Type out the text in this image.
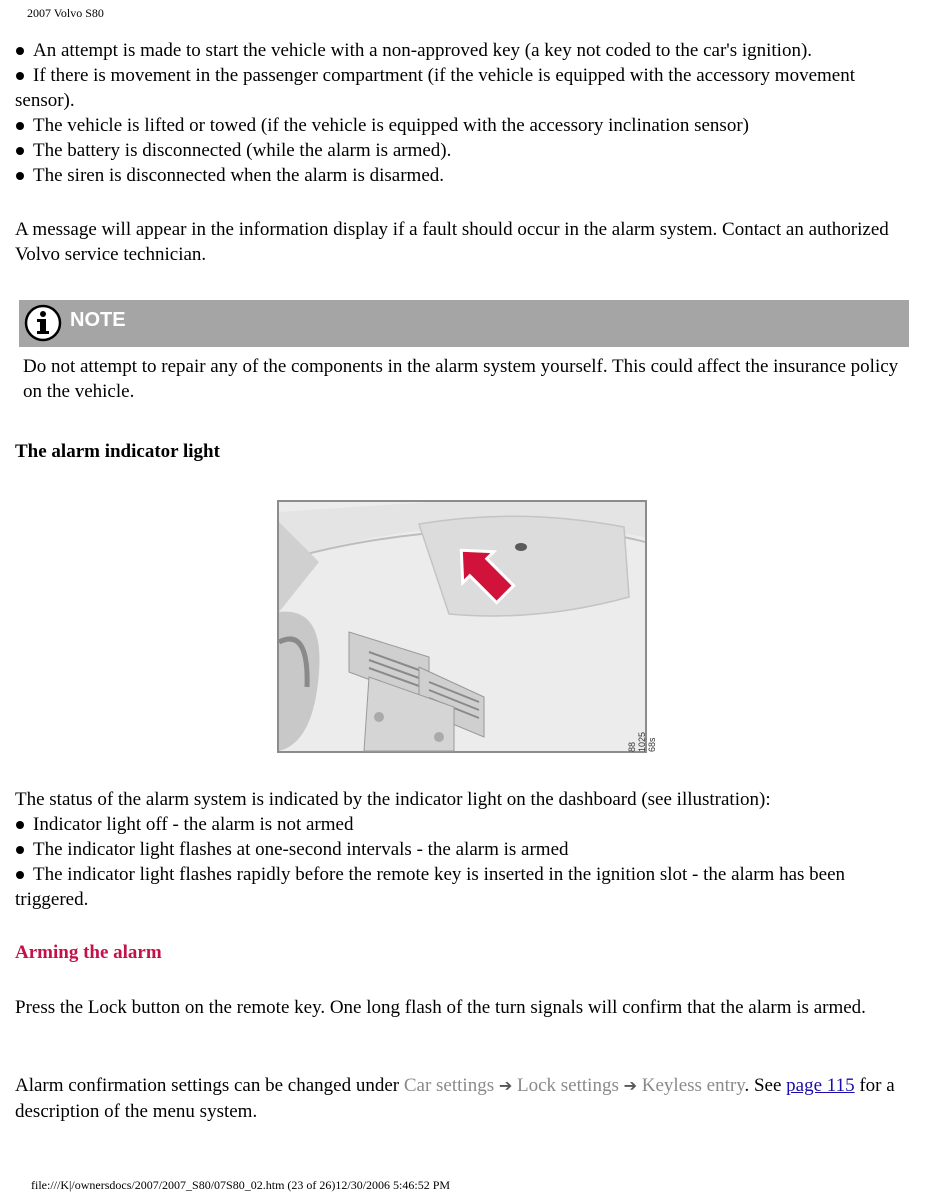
2007 Volvo S80
An attempt is made to start the vehicle with a non-approved key (a key not coded to the car's ignition).
If there is movement in the passenger compartment (if the vehicle is equipped with the accessory movement sensor).
The vehicle is lifted or towed (if the vehicle is equipped with the accessory inclination sensor)
The battery is disconnected (while the alarm is armed).
The siren is disconnected when the alarm is disarmed.
A message will appear in the information display if a fault should occur in the alarm system. Contact an authorized Volvo service technician.
NOTE
Do not attempt to repair any of the components in the alarm system yourself. This could affect the insurance policy on the vehicle.
The alarm indicator light
88 1025 68s
The status of the alarm system is indicated by the indicator light on the dashboard (see illustration):
Indicator light off - the alarm is not armed
The indicator light flashes at one-second intervals - the alarm is armed
The indicator light flashes rapidly before the remote key is inserted in the ignition slot - the alarm has been triggered.
Arming the alarm
Press the Lock button on the remote key. One long flash of the turn signals will confirm that the alarm is armed.
Alarm confirmation settings can be changed under Car settings ➔ Lock settings ➔ Keyless entry. See page 115 for a description of the menu system.
file:///K|/ownersdocs/2007/2007_S80/07S80_02.htm (23 of 26)12/30/2006 5:46:52 PM
